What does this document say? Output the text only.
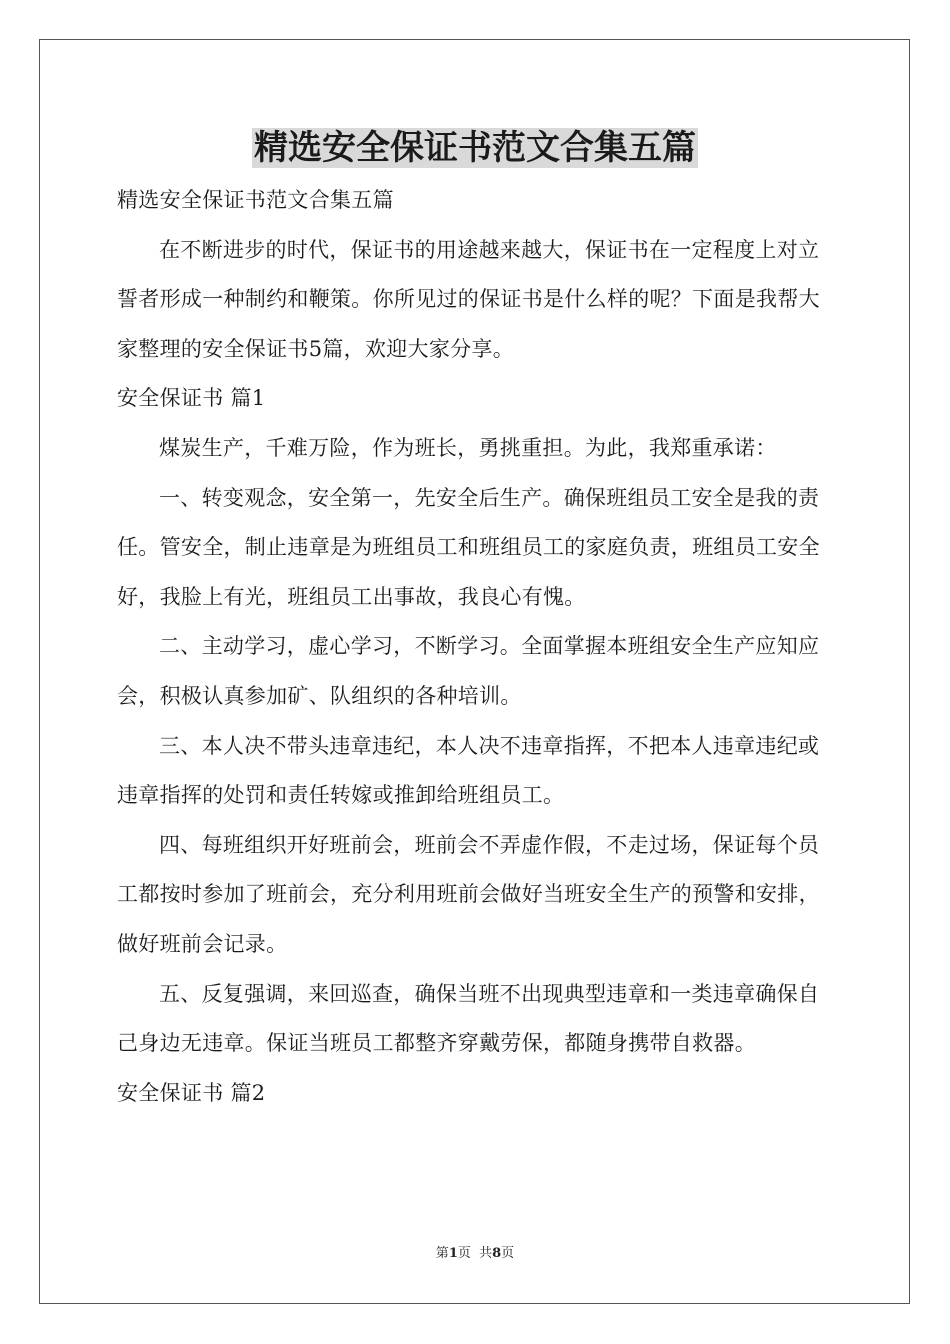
精选安全保证书范文合集五篇

精选安全保证书范文合集五篇

在不断进步的时代，保证书的用途越来越大，保证书在一定程度上对立誓者形成一种制约和鞭策。你所见过的保证书是什么样的呢？下面是我帮大家整理的安全保证书5篇，欢迎大家分享。

安全保证书 篇1

煤炭生产，千难万险，作为班长，勇挑重担。为此，我郑重承诺：

一、转变观念，安全第一，先安全后生产。确保班组员工安全是我的责任。管安全，制止违章是为班组员工和班组员工的家庭负责，班组员工安全好，我脸上有光，班组员工出事故，我良心有愧。

二、主动学习，虚心学习，不断学习。全面掌握本班组安全生产应知应会，积极认真参加矿、队组织的各种培训。

三、本人决不带头违章违纪，本人决不违章指挥，不把本人违章违纪或违章指挥的处罚和责任转嫁或推卸给班组员工。

四、每班组织开好班前会，班前会不弄虚作假，不走过场，保证每个员工都按时参加了班前会，充分利用班前会做好当班安全生产的预警和安排，做好班前会记录。

五、反复强调，来回巡查，确保当班不出现典型违章和一类违章确保自己身边无违章。保证当班员工都整齐穿戴劳保，都随身携带自救器。

安全保证书 篇2

第1页  共8页
